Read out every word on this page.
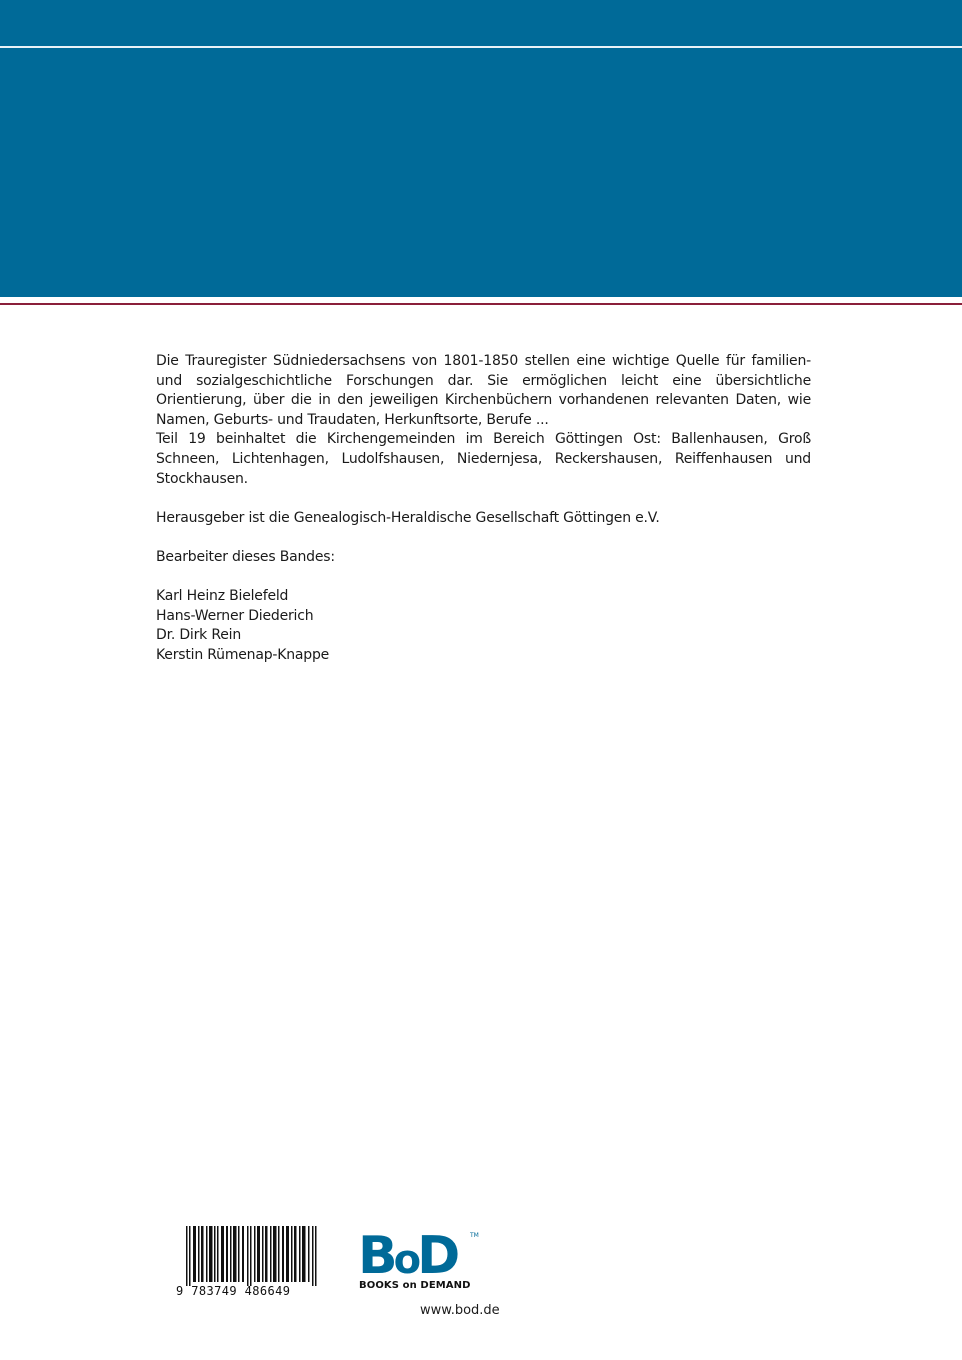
Die Trauregister Südniedersachsens von 1801-1850 stellen eine wichtige Quelle für familien- und sozialgeschichtliche Forschungen dar. Sie ermöglichen leicht eine übersichtliche Orientierung, über die in den jeweiligen Kirchenbüchern vorhandenen relevanten Daten, wie Namen, Geburts- und Traudaten, Herkunftsorte, Berufe ...

Teil 19 beinhaltet die Kirchengemeinden im Bereich Göttingen Ost: Ballenhausen, Groß Schneen, Lichtenhagen, Ludolfshausen, Niedernjesa, Reckershausen, Reiffenhausen und Stockhausen.

Herausgeber ist die Genealogisch-Heraldische Gesellschaft Göttingen e.V.

Bearbeiter dieses Bandes:

Karl Heinz Bielefeld

Hans-Werner Diederich

Dr. Dirk Rein

Kerstin Rümenap-Knappe

9 783749 486649
BoD	TM
BOOKS on DEMAND
www.bod.de
